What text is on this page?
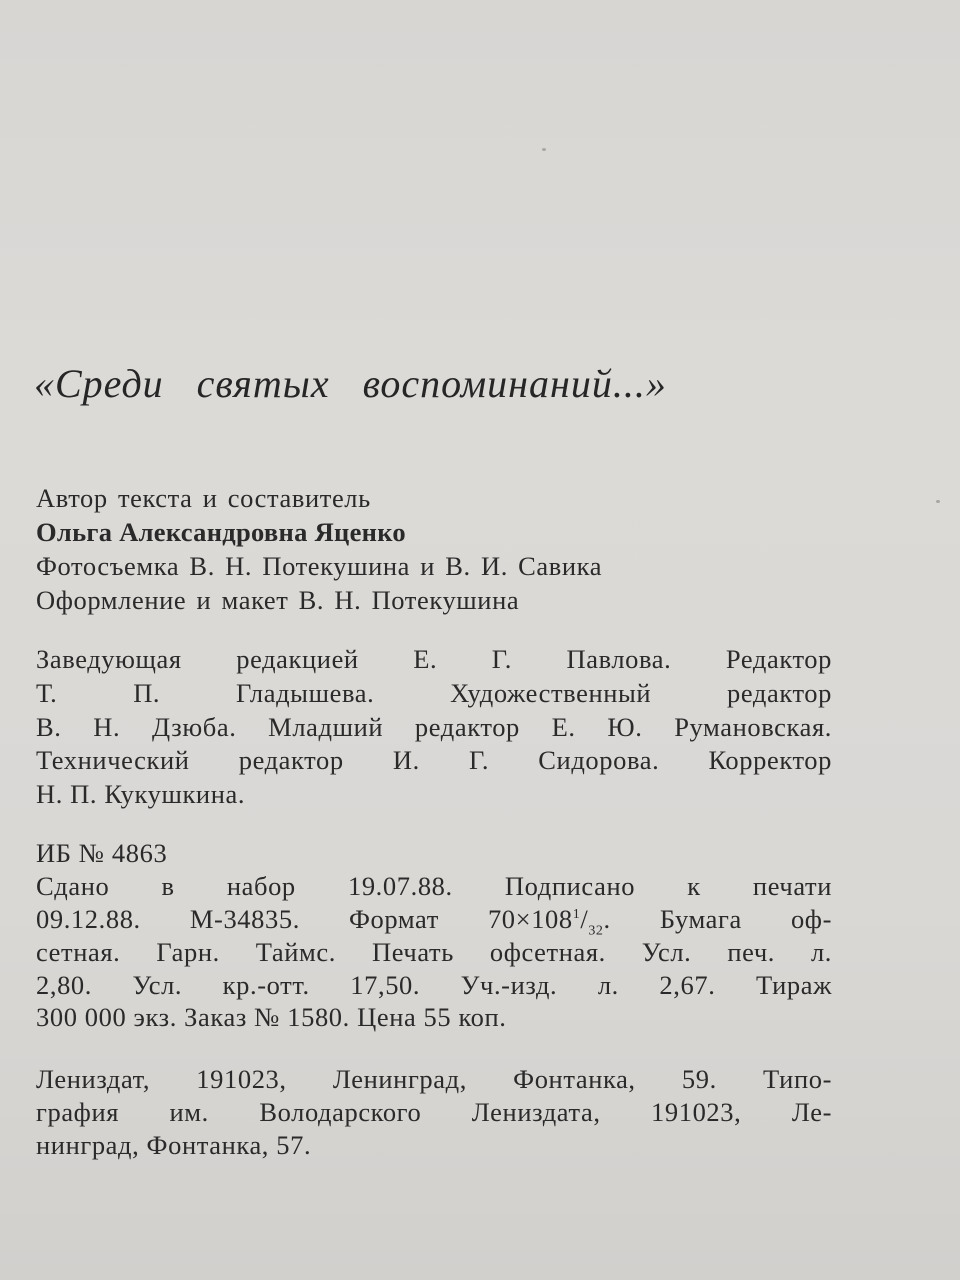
«Среди святых воспоминаний...»
Автор текста и составитель
Ольга Александровна Яценко
Фотосъемка В. Н. Потекушина и В. И. Савика
Оформление и макет В. Н. Потекушина
Заведующая редакцией Е. Г. Павлова. Редактор
Т. П. Гладышева. Художественный редактор
В. Н. Дзюба. Младший редактор Е. Ю. Румановская.
Технический редактор И. Г. Сидорова. Корректор
Н. П. Кукушкина.
ИБ № 4863
Сдано в набор 19.07.88. Подписано к печати
09.12.88. М-34835. Формат $70\times 108^1/_{32}$. Бумага оф-
сетная. Гарн. Таймс. Печать офсетная. Усл. печ. л.
2,80. Усл. кр.-отт. 17,50. Уч.-изд. л. 2,67. Тираж
300 000 экз. Заказ № 1580. Цена 55 коп.
Лениздат, 191023, Ленинград, Фонтанка, 59. Типо-
графия им. Володарского Лениздата, 191023, Ле-
нинград, Фонтанка, 57.
